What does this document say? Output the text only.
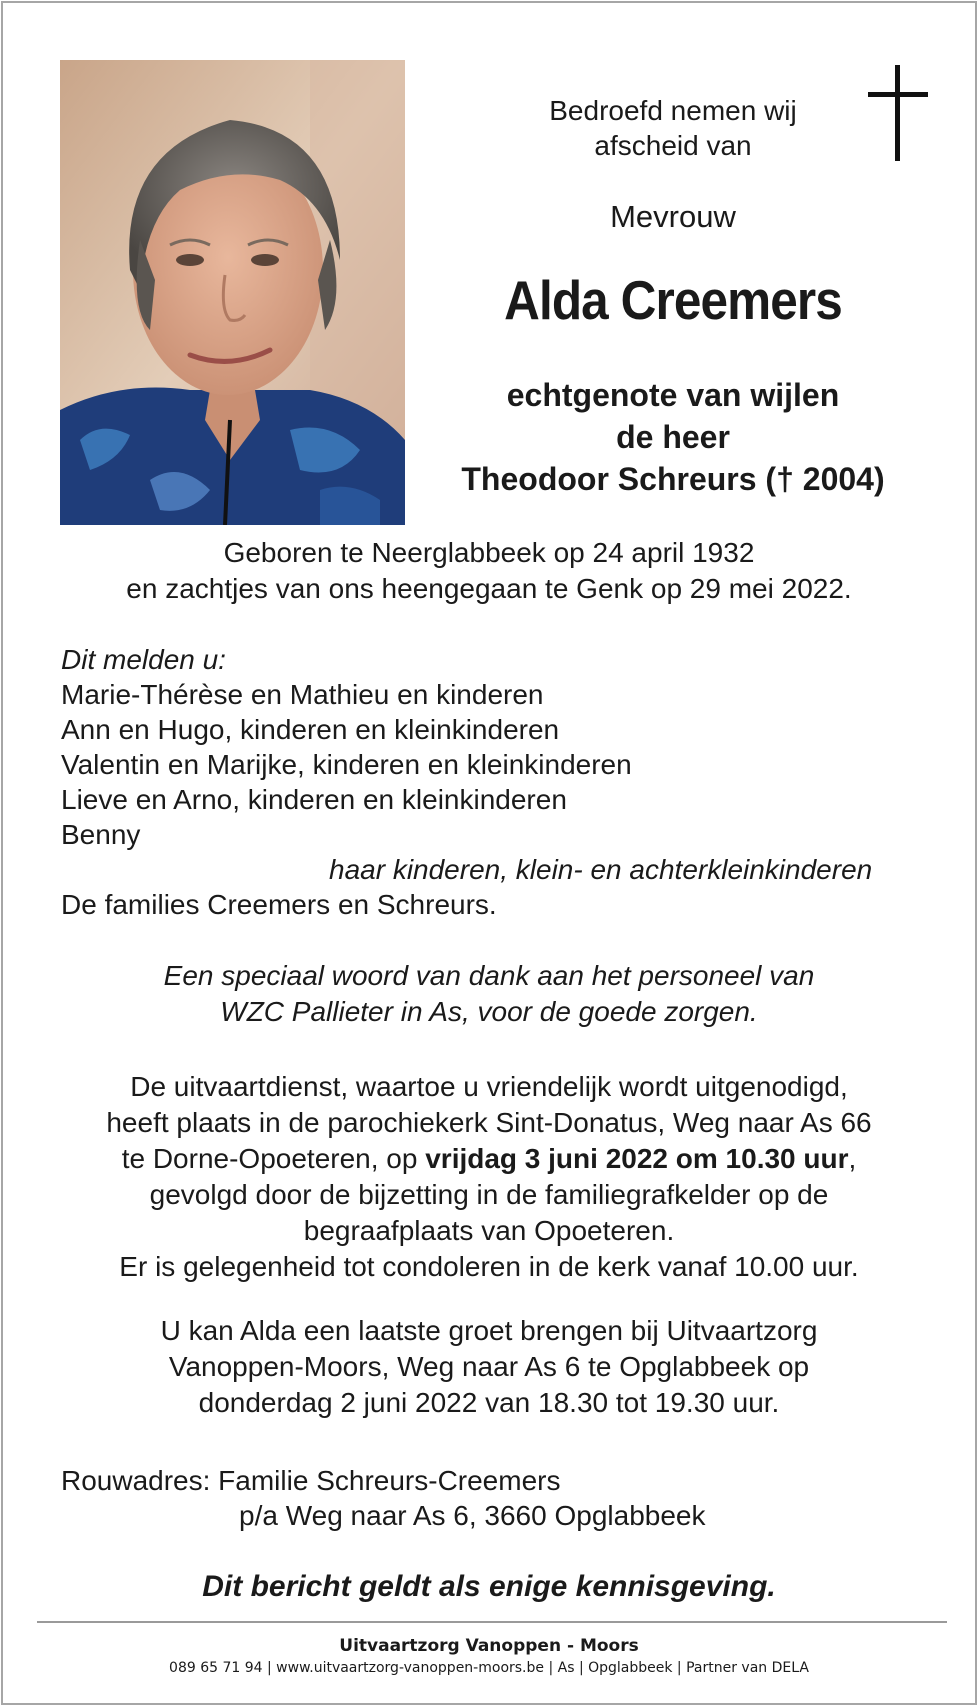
Bedroefd nemen wij
afscheid van
Mevrouw
Alda Creemers
echtgenote van wijlen
de heer
Theodoor Schreurs († 2004)
Geboren te Neerglabbeek op 24 april 1932
en zachtjes van ons heengegaan te Genk op 29 mei 2022.
Dit melden u:
Marie-Thérèse en Mathieu en kinderen
Ann en Hugo, kinderen en kleinkinderen
Valentin en Marijke, kinderen en kleinkinderen
Lieve en Arno, kinderen en kleinkinderen
Benny
haar kinderen, klein- en achterkleinkinderen
De families Creemers en Schreurs.
Een speciaal woord van dank aan het personeel van
WZC Pallieter in As, voor de goede zorgen.
De uitvaartdienst, waartoe u vriendelijk wordt uitgenodigd,
heeft plaats in de parochiekerk Sint-Donatus, Weg naar As 66
te Dorne-Opoeteren, op vrijdag 3 juni 2022 om 10.30 uur,
gevolgd door de bijzetting in de familiegrafkelder op de
begraafplaats van Opoeteren.
Er is gelegenheid tot condoleren in de kerk vanaf 10.00 uur.
U kan Alda een laatste groet brengen bij Uitvaartzorg
Vanoppen-Moors, Weg naar As 6 te Opglabbeek op
donderdag 2 juni 2022 van 18.30 tot 19.30 uur.
Rouwadres: Familie Schreurs-Creemers
p/a Weg naar As 6, 3660 Opglabbeek
Dit bericht geldt als enige kennisgeving.
Uitvaartzorg Vanoppen - Moors
089 65 71 94 | www.uitvaartzorg-vanoppen-moors.be | As | Opglabbeek | Partner van DELA
